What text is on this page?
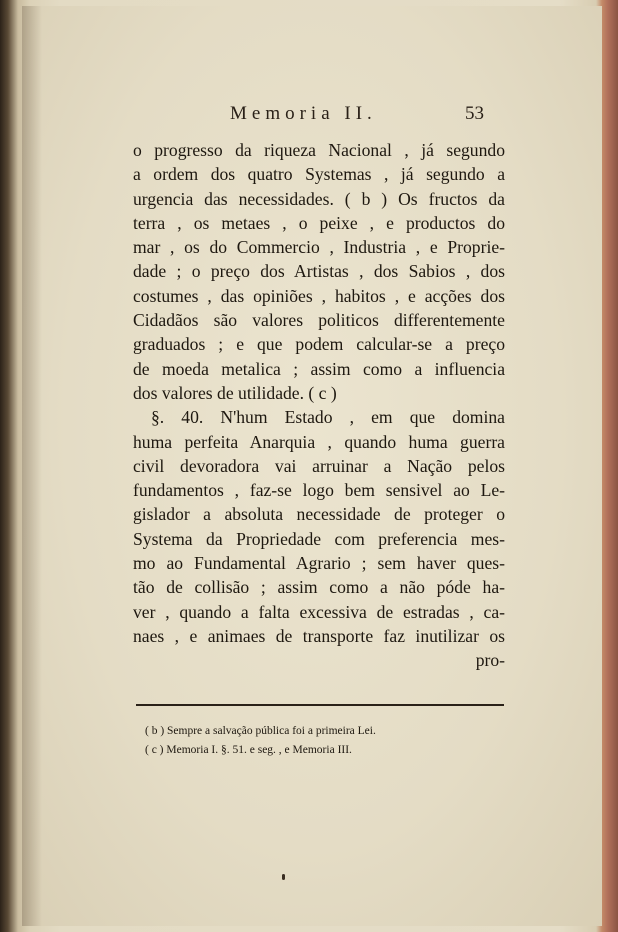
Memoria II.	53
o progresso da riqueza Nacional , já segundo
a ordem dos quatro Systemas , já segundo a
urgencia das necessidades. ( b ) Os fructos da
terra , os metaes , o peixe , e productos do
mar , os do Commercio , Industria , e Proprie-
dade ; o preço dos Artistas , dos Sabios , dos
costumes , das opiniões , habitos , e acções dos
Cidadãos são valores politicos differentemente
graduados ; e que podem calcular-se a preço
de moeda metalica ; assim como a influencia
dos valores de utilidade. ( c )
§. 40. N'hum Estado , em que domina
huma perfeita Anarquia , quando huma guerra
civil devoradora vai arruinar a Nação pelos
fundamentos , faz-se logo bem sensivel ao Le-
gislador a absoluta necessidade de proteger o
Systema da Propriedade com preferencia mes-
mo ao Fundamental Agrario ; sem haver ques-
tão de collisão ; assim como a não póde ha-
ver , quando a falta excessiva de estradas , ca-
naes , e animaes de transporte faz inutilizar os
pro-
( b ) Sempre a salvação pública foi a primeira Lei.
( c ) Memoria I. §. 51. e seg. , e Memoria III.
